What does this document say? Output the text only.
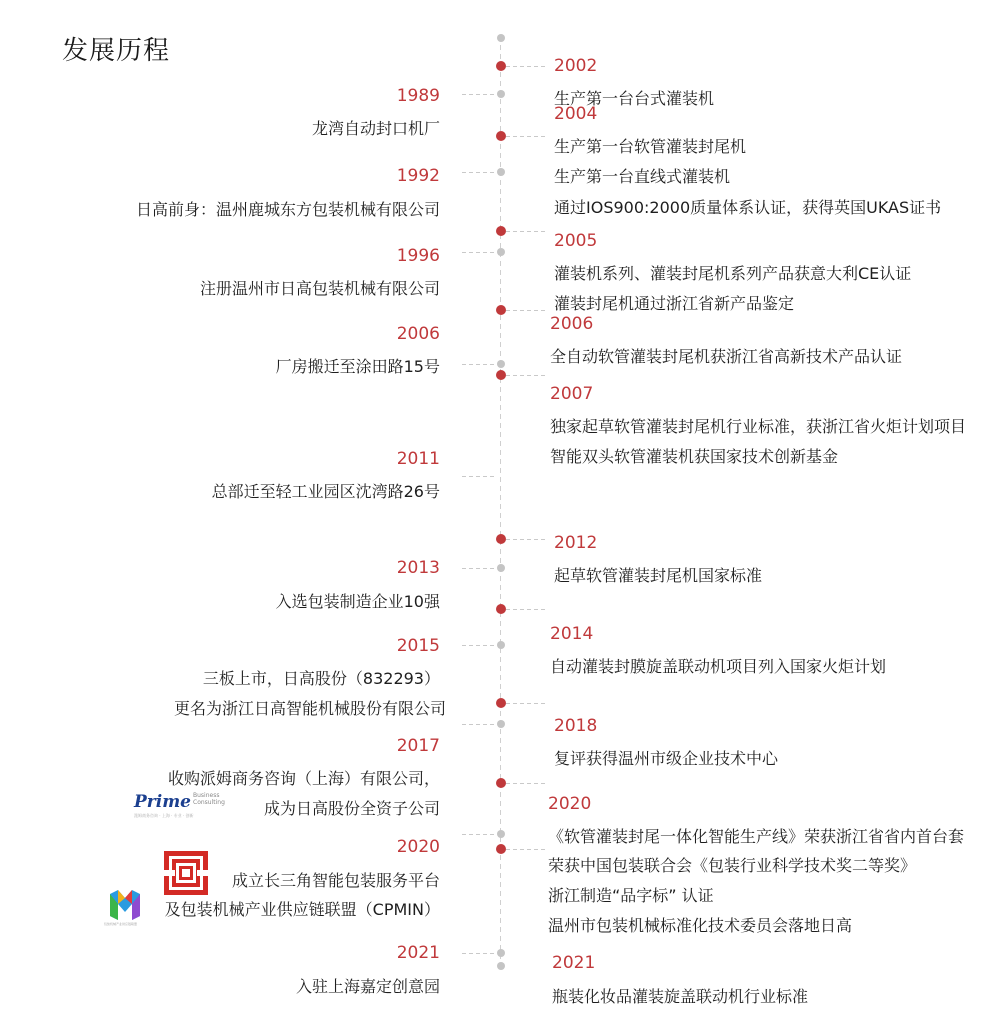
发展历程
1989
龙湾自动封口机厂
1992
日高前身：温州鹿城东方包装机械有限公司
1996
注册温州市日高包装机械有限公司
2006
厂房搬迁至涂田路15号
2011
总部迁至轻工业园区沈湾路26号
2013
入选包装制造企业10强
2015
三板上市，日高股份（832293）
更名为浙江日高智能机械股份有限公司
2017
收购派姆商务咨询（上海）有限公司，
成为日高股份全资子公司
2020
成立长三角智能包装服务平台
及包装机械产业供应链联盟（CPMIN）
2021
入驻上海嘉定创意园
Prime Business
Consulting
派姆商务咨询 · 上海 · 专业 · 创新
包装机械产业供应链联盟
2002
生产第一台台式灌装机
2004
生产第一台软管灌装封尾机
生产第一台直线式灌装机
通过IOS900:2000质量体系认证，获得英国UKAS证书
2005
灌装机系列、灌装封尾机系列产品获意大利CE认证
灌装封尾机通过浙江省新产品鉴定
2006
全自动软管灌装封尾机获浙江省高新技术产品认证
2007
独家起草软管灌装封尾机行业标准，获浙江省火炬计划项目
智能双头软管灌装机获国家技术创新基金
2012
起草软管灌装封尾机国家标准
2014
自动灌装封膜旋盖联动机项目列入国家火炬计划
2018
复评获得温州市级企业技术中心
2020
《软管灌装封尾一体化智能生产线》荣获浙江省省内首台套
荣获中国包装联合会《包装行业科学技术奖二等奖》
浙江制造“品字标” 认证
温州市包装机械标准化技术委员会落地日高
2021
瓶装化妆品灌装旋盖联动机行业标准
